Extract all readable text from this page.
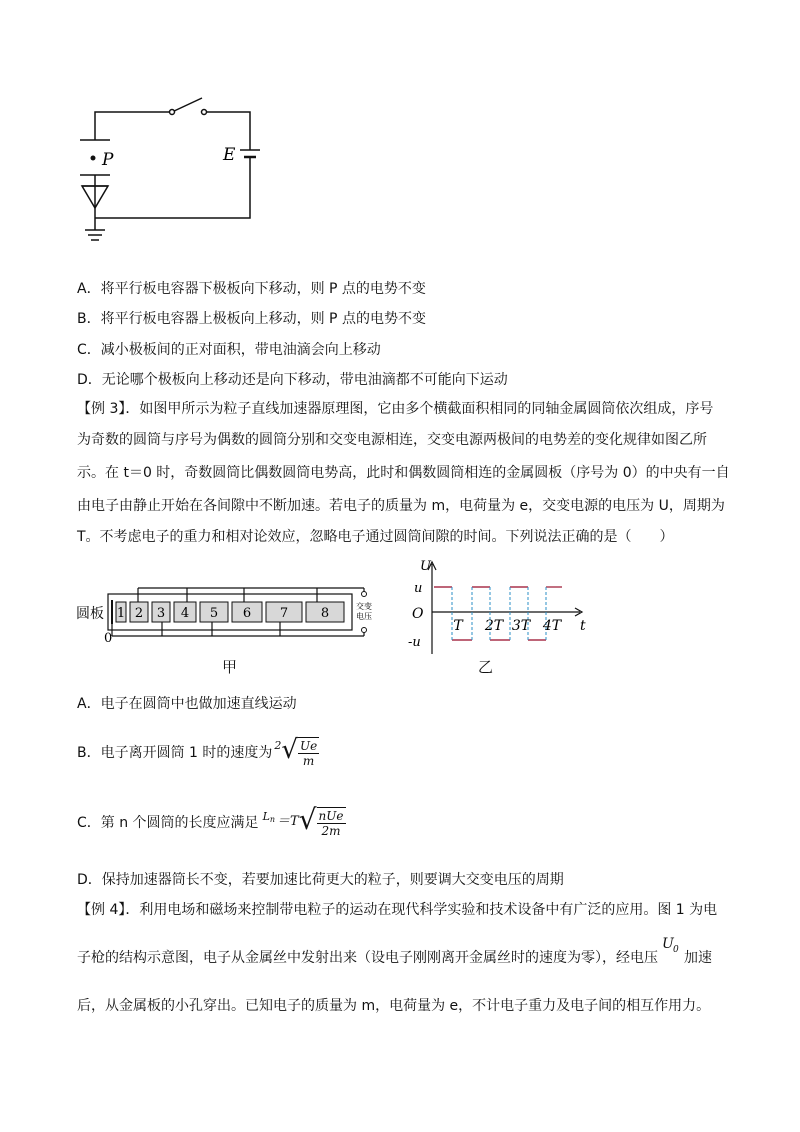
P	E
A．将平行板电容器下极板向下移动，则 P 点的电势不变
B．将平行板电容器上极板向上移动，则 P 点的电势不变
C．减小极板间的正对面积，带电油滴会向上移动
D．无论哪个极板向上移动还是向下移动，带电油滴都不可能向下运动
【例 3】．如图甲所示为粒子直线加速器原理图，它由多个横截面积相同的同轴金属圆筒依次组成，序号
为奇数的圆筒与序号为偶数的圆筒分别和交变电源相连，交变电源两极间的电势差的变化规律如图乙所
示。在 t＝0 时，奇数圆筒比偶数圆筒电势高，此时和偶数圆筒相连的金属圆板（序号为 0）的中央有一自
由电子由静止开始在各间隙中不断加速。若电子的质量为 m，电荷量为 e，交变电源的电压为 U，周期为
T。不考虑电子的重力和相对论效应，忽略电子通过圆筒间隙的时间。下列说法正确的是（　　）
圆板
0
1 2 3 4 5 6 7	8	交变
电压
甲
U
t
O
u
-u
T 2T 3T 4T
乙
A．电子在圆筒中也做加速直线运动
B．电子离开圆筒 1 时的速度为 2 √ $\frac{Ue}{m}$
C．第 n 个圆筒的长度应满足 L n ＝T √ $\frac{\text{nUe}}{2m}$
D．保持加速器筒长不变，若要加速比荷更大的粒子，则要调大交变电压的周期
【例 4】．利用电场和磁场来控制带电粒子的运动在现代科学实验和技术设备中有广泛的应用。图 1 为电
子枪的结构示意图，电子从金属丝中发射出来（设电子刚刚离开金属丝时的速度为零），经电压
U 0 加速
后，从金属板的小孔穿出。已知电子的质量为 m，电荷量为 e，不计电子重力及电子间的相互作用力。
